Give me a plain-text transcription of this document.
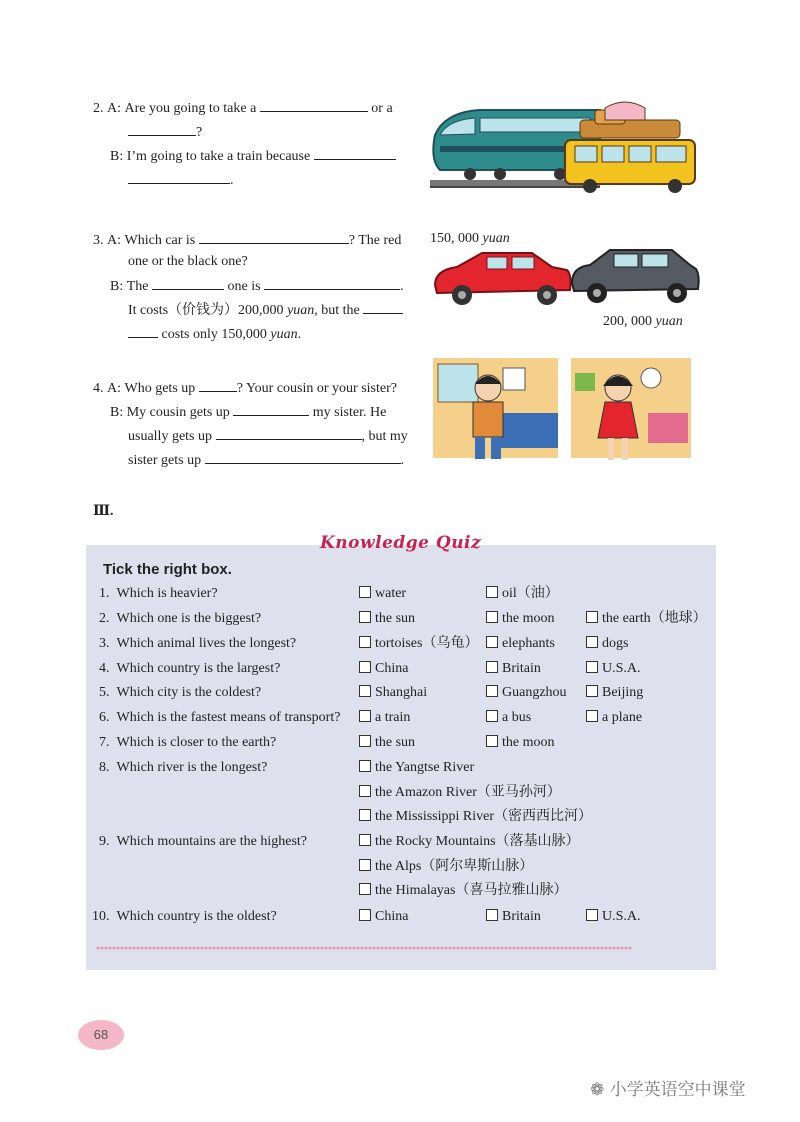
2. A: Are you going to take a	or a
?
B: I’m going to take a train because
.
3. A: Which car is	? The red
one or the black one?
B: The	one is	.
It costs（价钱为）200,000 yuan, but the
costs only 150,000 yuan.
150, 000 yuan
200, 000 yuan
4. A: Who gets up	? Your cousin or your sister?
B: My cousin gets up	my sister. He
usually gets up	, but my
sister gets up	.
Ⅲ.
Knowledge Quiz
Tick the right box.
1. Which is heavier?	water	oil（油）
2. Which one is the biggest?	the sun	the moon	the earth（地球）
3. Which animal lives the longest?	tortoises（乌龟）	elephants	dogs
4. Which country is the largest?	China	Britain	U.S.A.
5. Which city is the coldest?	Shanghai	Guangzhou	Beijing
6. Which is the fastest means of transport?	a train	a bus	a plane
7. Which is closer to the earth?	the sun	the moon
8. Which river is the longest?	the Yangtse River
the Amazon River（亚马孙河）
the Mississippi River（密西西比河）
9. Which mountains are the highest?	the Rocky Mountains（落基山脉）
the Alps（阿尔卑斯山脉）
the Himalayas（喜马拉雅山脉）
10. Which country is the oldest?	China	Britain	U.S.A.
**************************************************************************************************************************************
68
❁ 小学英语空中课堂
